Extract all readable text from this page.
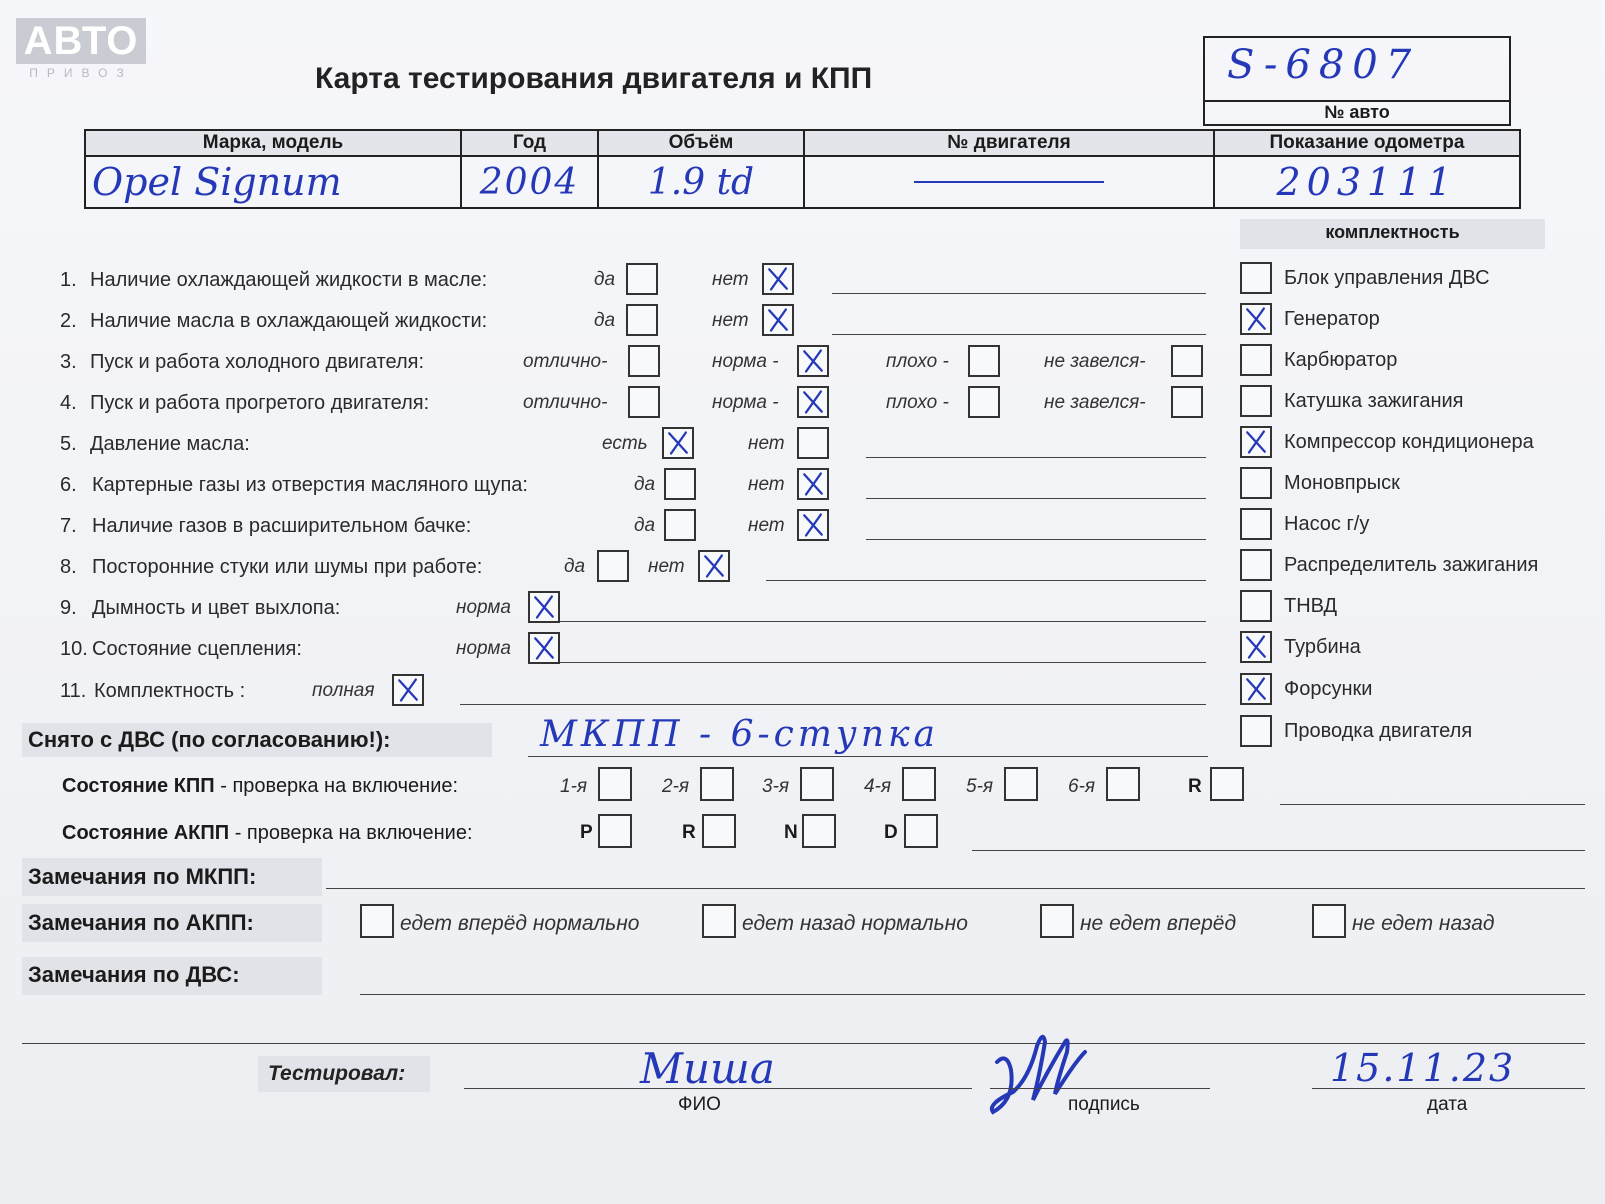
АВТО
ПРИВОЗ	Карта тестирования двигателя и КПП	S-6807
№ авто
Марка, модель	Год	Объём	№ двигателя	Показание одометра
Opel Signum	2004	1.9 td		203111
комплектность
1. Наличие охлаждающей жидкости в масле:	да	нет
2. Наличие масла в охлаждающей жидкости:	да	нет
3. Пуск и работа холодного двигателя:	отлично-	норма -	плохо -	не завелся-
4. Пуск и работа прогретого двигателя:	отлично-	норма -	плохо -	не завелся-
5. Давление масла:	есть	нет
6. Картерные газы из отверстия масляного щупа:	да	нет
7. Наличие газов в расширительном бачке:	да	нет
8. Посторонние стуки или шумы при работе:	да	нет
9. Дымность и цвет выхлопа:	норма
10. Состояние сцепления:	норма
11. Комплектность :	полная
Блок управления ДВС
Генератор
Карбюратор
Катушка зажигания
Компрессор кондиционера
Моновпрыск
Насос г/у
Распределитель зажигания
ТНВД
Турбина
Форсунки
Проводка двигателя
Снято с ДВС (по согласованию!):	МКПП - 6-ступка
Состояние КПП - проверка на включение:	1-я	2-я	3-я	4-я	5-я	6-я	R
Состояние АКПП - проверка на включение:	P	R	N	D
Замечания по МКПП:
Замечания по АКПП:	едет вперёд нормально	едет назад нормально	не едет вперёд	не едет назад
Замечания по ДВС:
Тестировал:	Миша
ФИО	подпись
15.11.23
дата
